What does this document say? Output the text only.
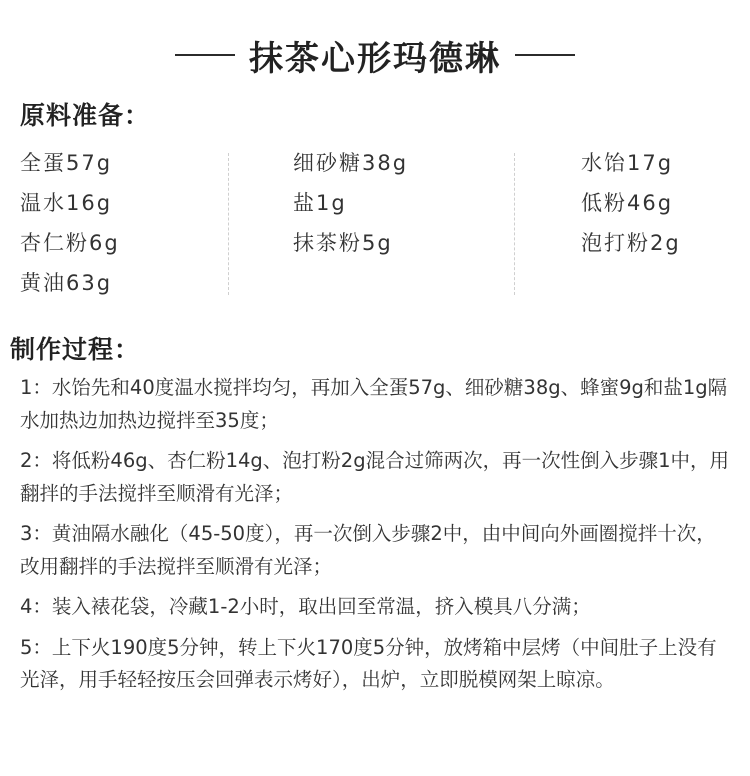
抹茶心形玛德琳
原料准备：
全蛋57g
温水16g
杏仁粉6g
黄油63g
细砂糖38g
盐1g
抹茶粉5g
水饴17g
低粉46g
泡打粉2g
制作过程：
1：水饴先和40度温水搅拌均匀，再加入全蛋57g、细砂糖38g、蜂蜜9g和盐1g隔水加热边加热边搅拌至35度；
2：将低粉46g、杏仁粉14g、泡打粉2g混合过筛两次，再一次性倒入步骤1中，用翻拌的手法搅拌至顺滑有光泽；
3：黄油隔水融化（45-50度），再一次倒入步骤2中，由中间向外画圈搅拌十次，改用翻拌的手法搅拌至顺滑有光泽；
4：装入裱花袋，冷藏1-2小时，取出回至常温，挤入模具八分满；
5：上下火190度5分钟，转上下火170度5分钟，放烤箱中层烤（中间肚子上没有光泽，用手轻轻按压会回弹表示烤好），出炉，立即脱模网架上晾凉。
